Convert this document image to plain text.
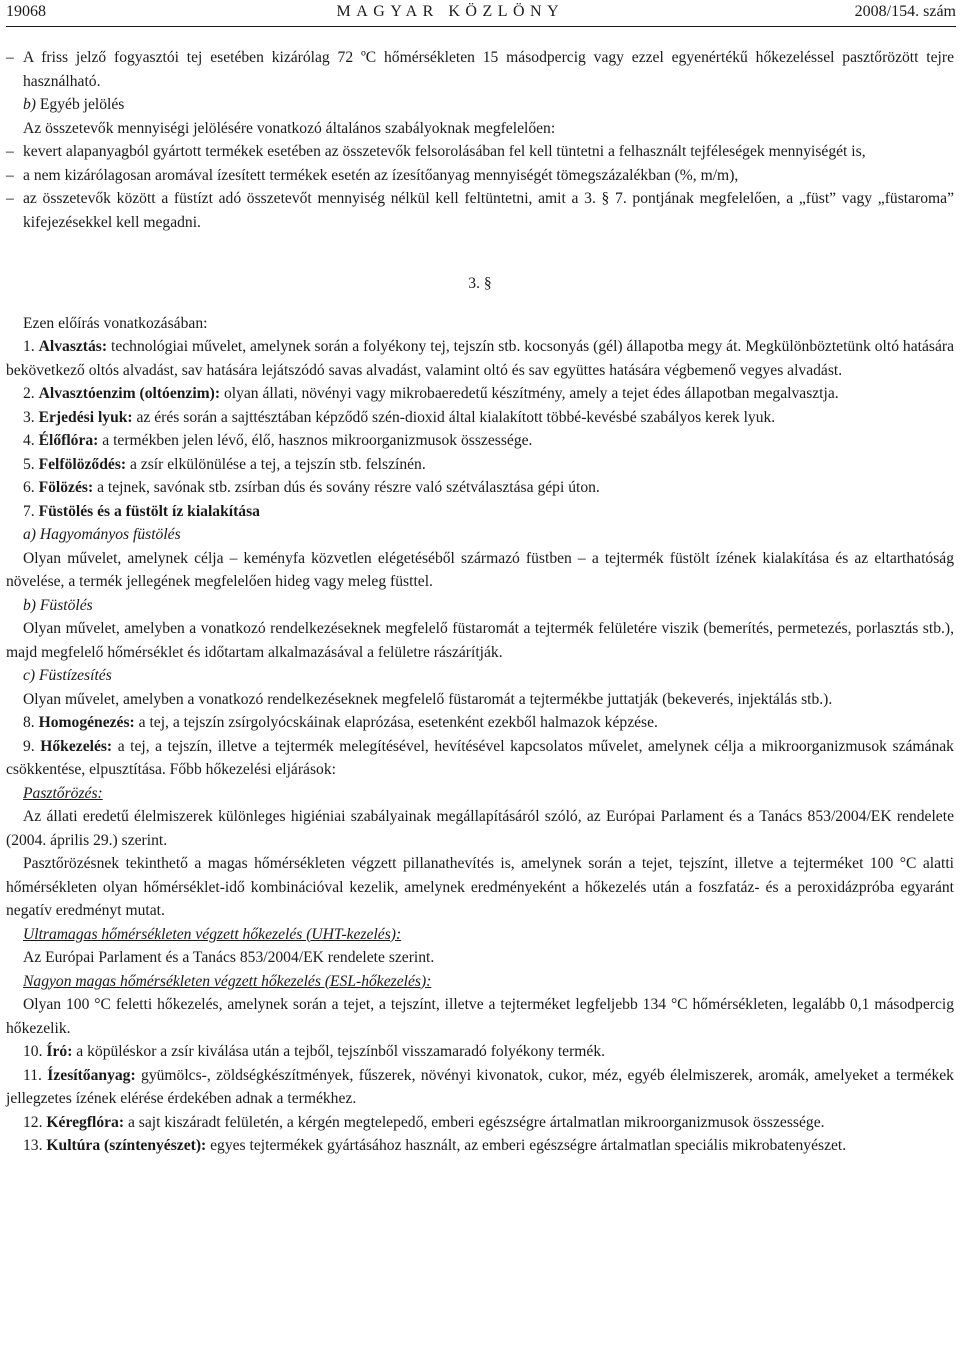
19068	MAGYAR KÖZLÖNY	2008/154. szám

– A friss jelző fogyasztói tej esetében kizárólag 72 ºC hőmérsékleten 15 másodpercig vagy ezzel egyenértékű hőkezeléssel pasztőrözött tejre használható.

b) Egyéb jelölés

Az összetevők mennyiségi jelölésére vonatkozó általános szabályoknak megfelelően:

– kevert alapanyagból gyártott termékek esetében az összetevők felsorolásában fel kell tüntetni a felhasznált tejféleségek mennyiségét is,

– a nem kizárólagosan aromával ízesített termékek esetén az ízesítőanyag mennyiségét tömegszázalékban (%, m/m),

– az összetevők között a füstízt adó összetevőt mennyiség nélkül kell feltüntetni, amit a 3. § 7. pontjának megfelelően, a „füst” vagy „füstaroma” kifejezésekkel kell megadni.

3. §

Ezen előírás vonatkozásában:

1. Alvasztás: technológiai művelet, amelynek során a folyékony tej, tejszín stb. kocsonyás (gél) állapotba megy át. Megkülönböztetünk oltó hatására bekövetkező oltós alvadást, sav hatására lejátszódó savas alvadást, valamint oltó és sav együttes hatására végbemenő vegyes alvadást.

2. Alvasztóenzim (oltóenzim): olyan állati, növényi vagy mikrobaeredetű készítmény, amely a tejet édes állapotban megalvasztja.

3. Erjedési lyuk: az érés során a sajttésztában képződő szén-dioxid által kialakított többé-kevésbé szabályos kerek lyuk.

4. Élőflóra: a termékben jelen lévő, élő, hasznos mikroorganizmusok összessége.

5. Felfölöződés: a zsír elkülönülése a tej, a tejszín stb. felszínén.

6. Fölözés: a tejnek, savónak stb. zsírban dús és sovány részre való szétválasztása gépi úton.

7. Füstölés és a füstölt íz kialakítása

a) Hagyományos füstölés

Olyan művelet, amelynek célja – keményfa közvetlen elégetéséből származó füstben – a tejtermék füstölt ízének kialakítása és az eltarthatóság növelése, a termék jellegének megfelelően hideg vagy meleg füsttel.

b) Füstölés

Olyan művelet, amelyben a vonatkozó rendelkezéseknek megfelelő füstaromát a tejtermék felületére viszik (bemerítés, permetezés, porlasztás stb.), majd megfelelő hőmérséklet és időtartam alkalmazásával a felületre rászárítják.

c) Füstízesítés

Olyan művelet, amelyben a vonatkozó rendelkezéseknek megfelelő füstaromát a tejtermékbe juttatják (bekeverés, injektálás stb.).

8. Homogénezés: a tej, a tejszín zsírgolyócskáinak elaprózása, esetenként ezekből halmazok képzése.

9. Hőkezelés: a tej, a tejszín, illetve a tejtermék melegítésével, hevítésével kapcsolatos művelet, amelynek célja a mikroorganizmusok számának csökkentése, elpusztítása. Főbb hőkezelési eljárások:

Pasztőrözés:

Az állati eredetű élelmiszerek különleges higiéniai szabályainak megállapításáról szóló, az Európai Parlament és a Tanács 853/2004/EK rendelete (2004. április 29.) szerint.

Pasztőrözésnek tekinthető a magas hőmérsékleten végzett pillanathevítés is, amelynek során a tejet, tejszínt, illetve a tejterméket 100 °C alatti hőmérsékleten olyan hőmérséklet-idő kombinációval kezelik, amelynek eredményeként a hőkezelés után a foszfatáz- és a peroxidázpróba egyaránt negatív eredményt mutat.

Ultramagas hőmérsékleten végzett hőkezelés (UHT-kezelés):

Az Európai Parlament és a Tanács 853/2004/EK rendelete szerint.

Nagyon magas hőmérsékleten végzett hőkezelés (ESL-hőkezelés):

Olyan 100 °C feletti hőkezelés, amelynek során a tejet, a tejszínt, illetve a tejterméket legfeljebb 134 °C hőmérsékleten, legalább 0,1 másodpercig hőkezelik.

10. Író: a köpüléskor a zsír kiválása után a tejből, tejszínből visszamaradó folyékony termék.

11. Ízesítőanyag: gyümölcs-, zöldségkészítmények, fűszerek, növényi kivonatok, cukor, méz, egyéb élelmiszerek, aromák, amelyeket a termékek jellegzetes ízének elérése érdekében adnak a termékhez.

12. Kéregflóra: a sajt kiszáradt felületén, a kérgén megtelepedő, emberi egészségre ártalmatlan mikroorganizmusok összessége.

13. Kultúra (színtenyészet): egyes tejtermékek gyártásához használt, az emberi egészségre ártalmatlan speciális mikrobatenyészet.
